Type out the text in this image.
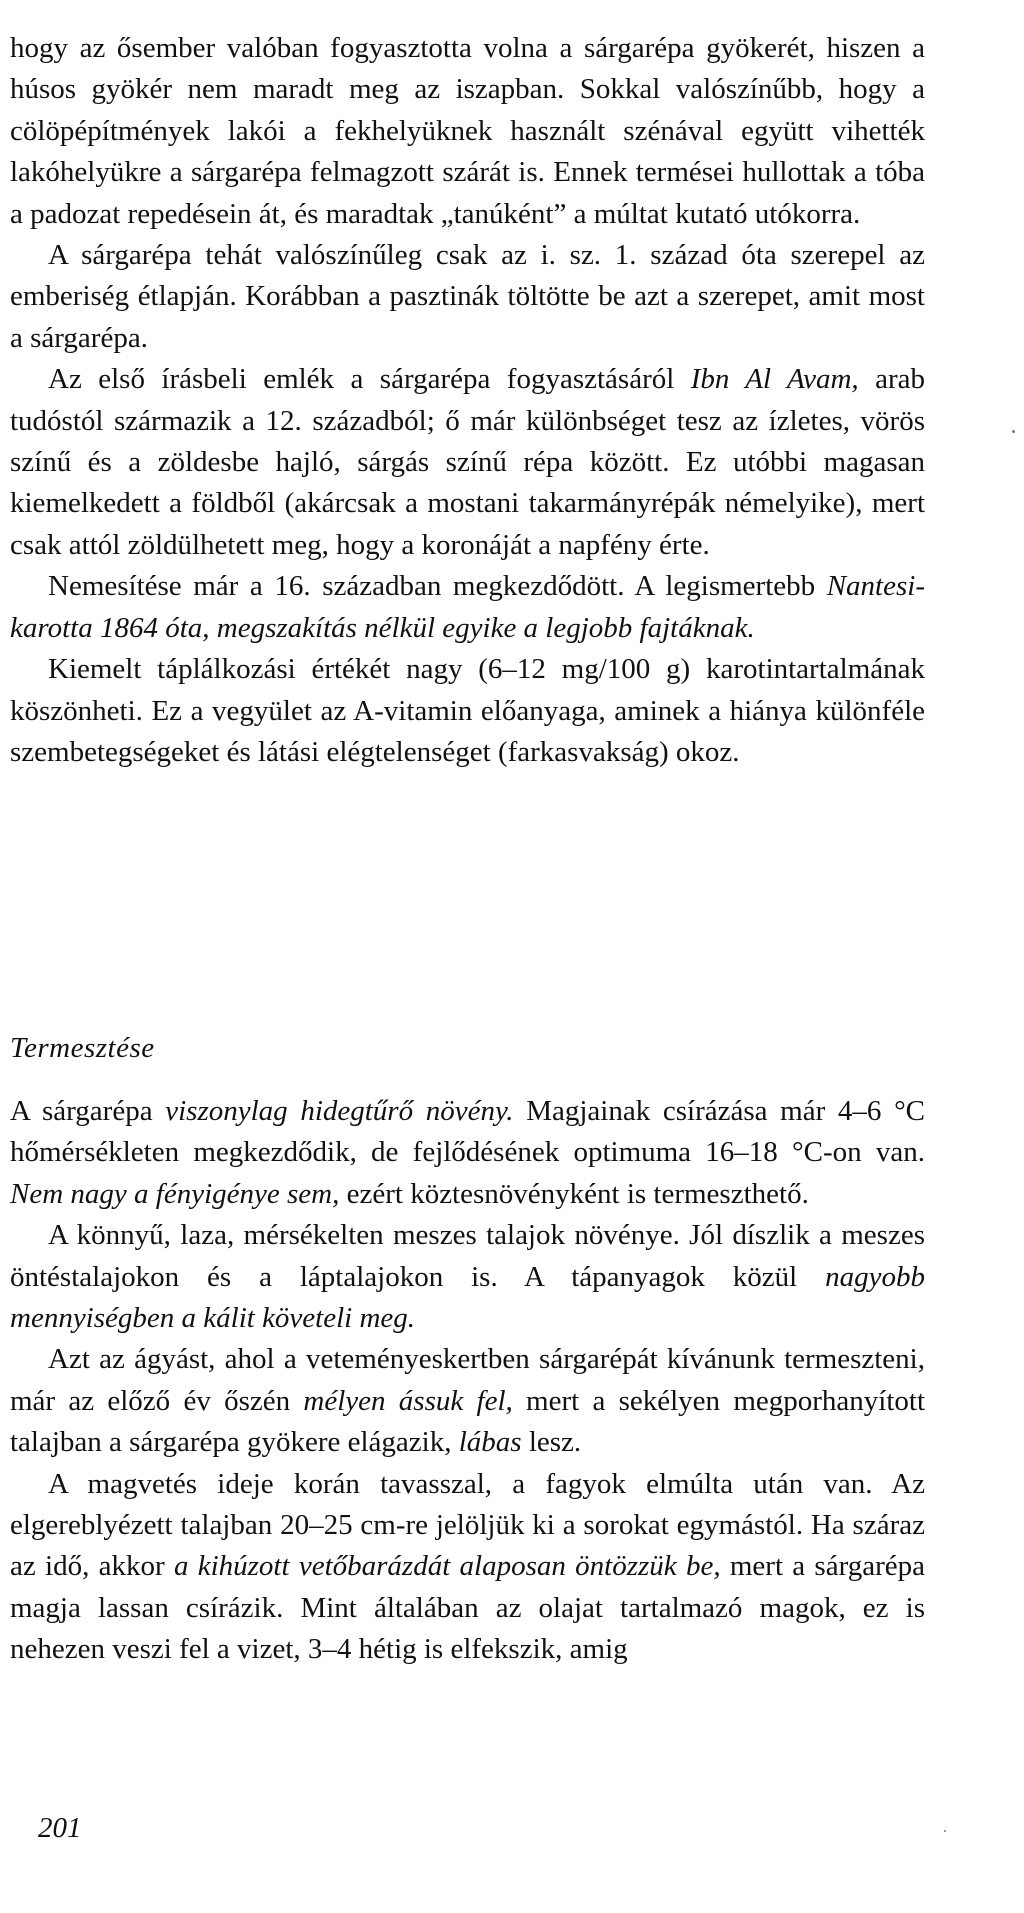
hogy az ősember valóban fogyasztotta volna a sárgarépa gyökerét, hiszen a húsos gyökér nem maradt meg az iszapban. Sokkal valószínűbb, hogy a cölöpépítmények lakói a fekhelyüknek használt szénával együtt vihették lakóhelyükre a sárgarépa felmagzott szárát is. Ennek termései hullottak a tóba a padozat repedésein át, és maradtak „tanúként” a múltat kutató utókorra.

A sárgarépa tehát valószínűleg csak az i. sz. 1. század óta szerepel az emberiség étlapján. Korábban a pasztinák töltötte be azt a szerepet, amit most a sárgarépa.

Az első írásbeli emlék a sárgarépa fogyasztásáról Ibn Al Avam, arab tudóstól származik a 12. századból; ő már különbséget tesz az ízletes, vörös színű és a zöldesbe hajló, sárgás színű répa között. Ez utóbbi magasan kiemelkedett a földből (akárcsak a mostani takarmányrépák némelyike), mert csak attól zöldülhetett meg, hogy a koronáját a napfény érte.

Nemesítése már a 16. században megkezdődött. A legismertebb Nantesi-karotta 1864 óta, megszakítás nélkül egyike a legjobb fajtáknak.

Kiemelt táplálkozási értékét nagy (6–12 mg/100 g) karotintartalmának köszönheti. Ez a vegyület az A-vitamin előanyaga, aminek a hiánya különféle szembetegségeket és látási elégtelenséget (farkasvakság) okoz.

Termesztése

A sárgarépa viszonylag hidegtűrő növény. Magjainak csírázása már 4–6 °C hőmérsékleten megkezdődik, de fejlődésének optimuma 16–18 °C-on van. Nem nagy a fényigénye sem, ezért köztesnövényként is termeszthető.

A könnyű, laza, mérsékelten meszes talajok növénye. Jól díszlik a meszes öntéstalajokon és a láptalajokon is. A tápanyagok közül nagyobb mennyiségben a kálit követeli meg.

Azt az ágyást, ahol a veteményeskertben sárgarépát kívánunk termeszteni, már az előző év őszén mélyen ássuk fel, mert a sekélyen megporhanyított talajban a sárgarépa gyökere elágazik, lábas lesz.

A magvetés ideje korán tavasszal, a fagyok elmúlta után van. Az elgereblyézett talajban 20–25 cm-re jelöljük ki a sorokat egymástól. Ha száraz az idő, akkor a kihúzott vetőbarázdát alaposan öntözzük be, mert a sárgarépa magja lassan csírázik. Mint általában az olajat tartalmazó magok, ez is nehezen veszi fel a vizet, 3–4 hétig is elfekszik, amig

201
